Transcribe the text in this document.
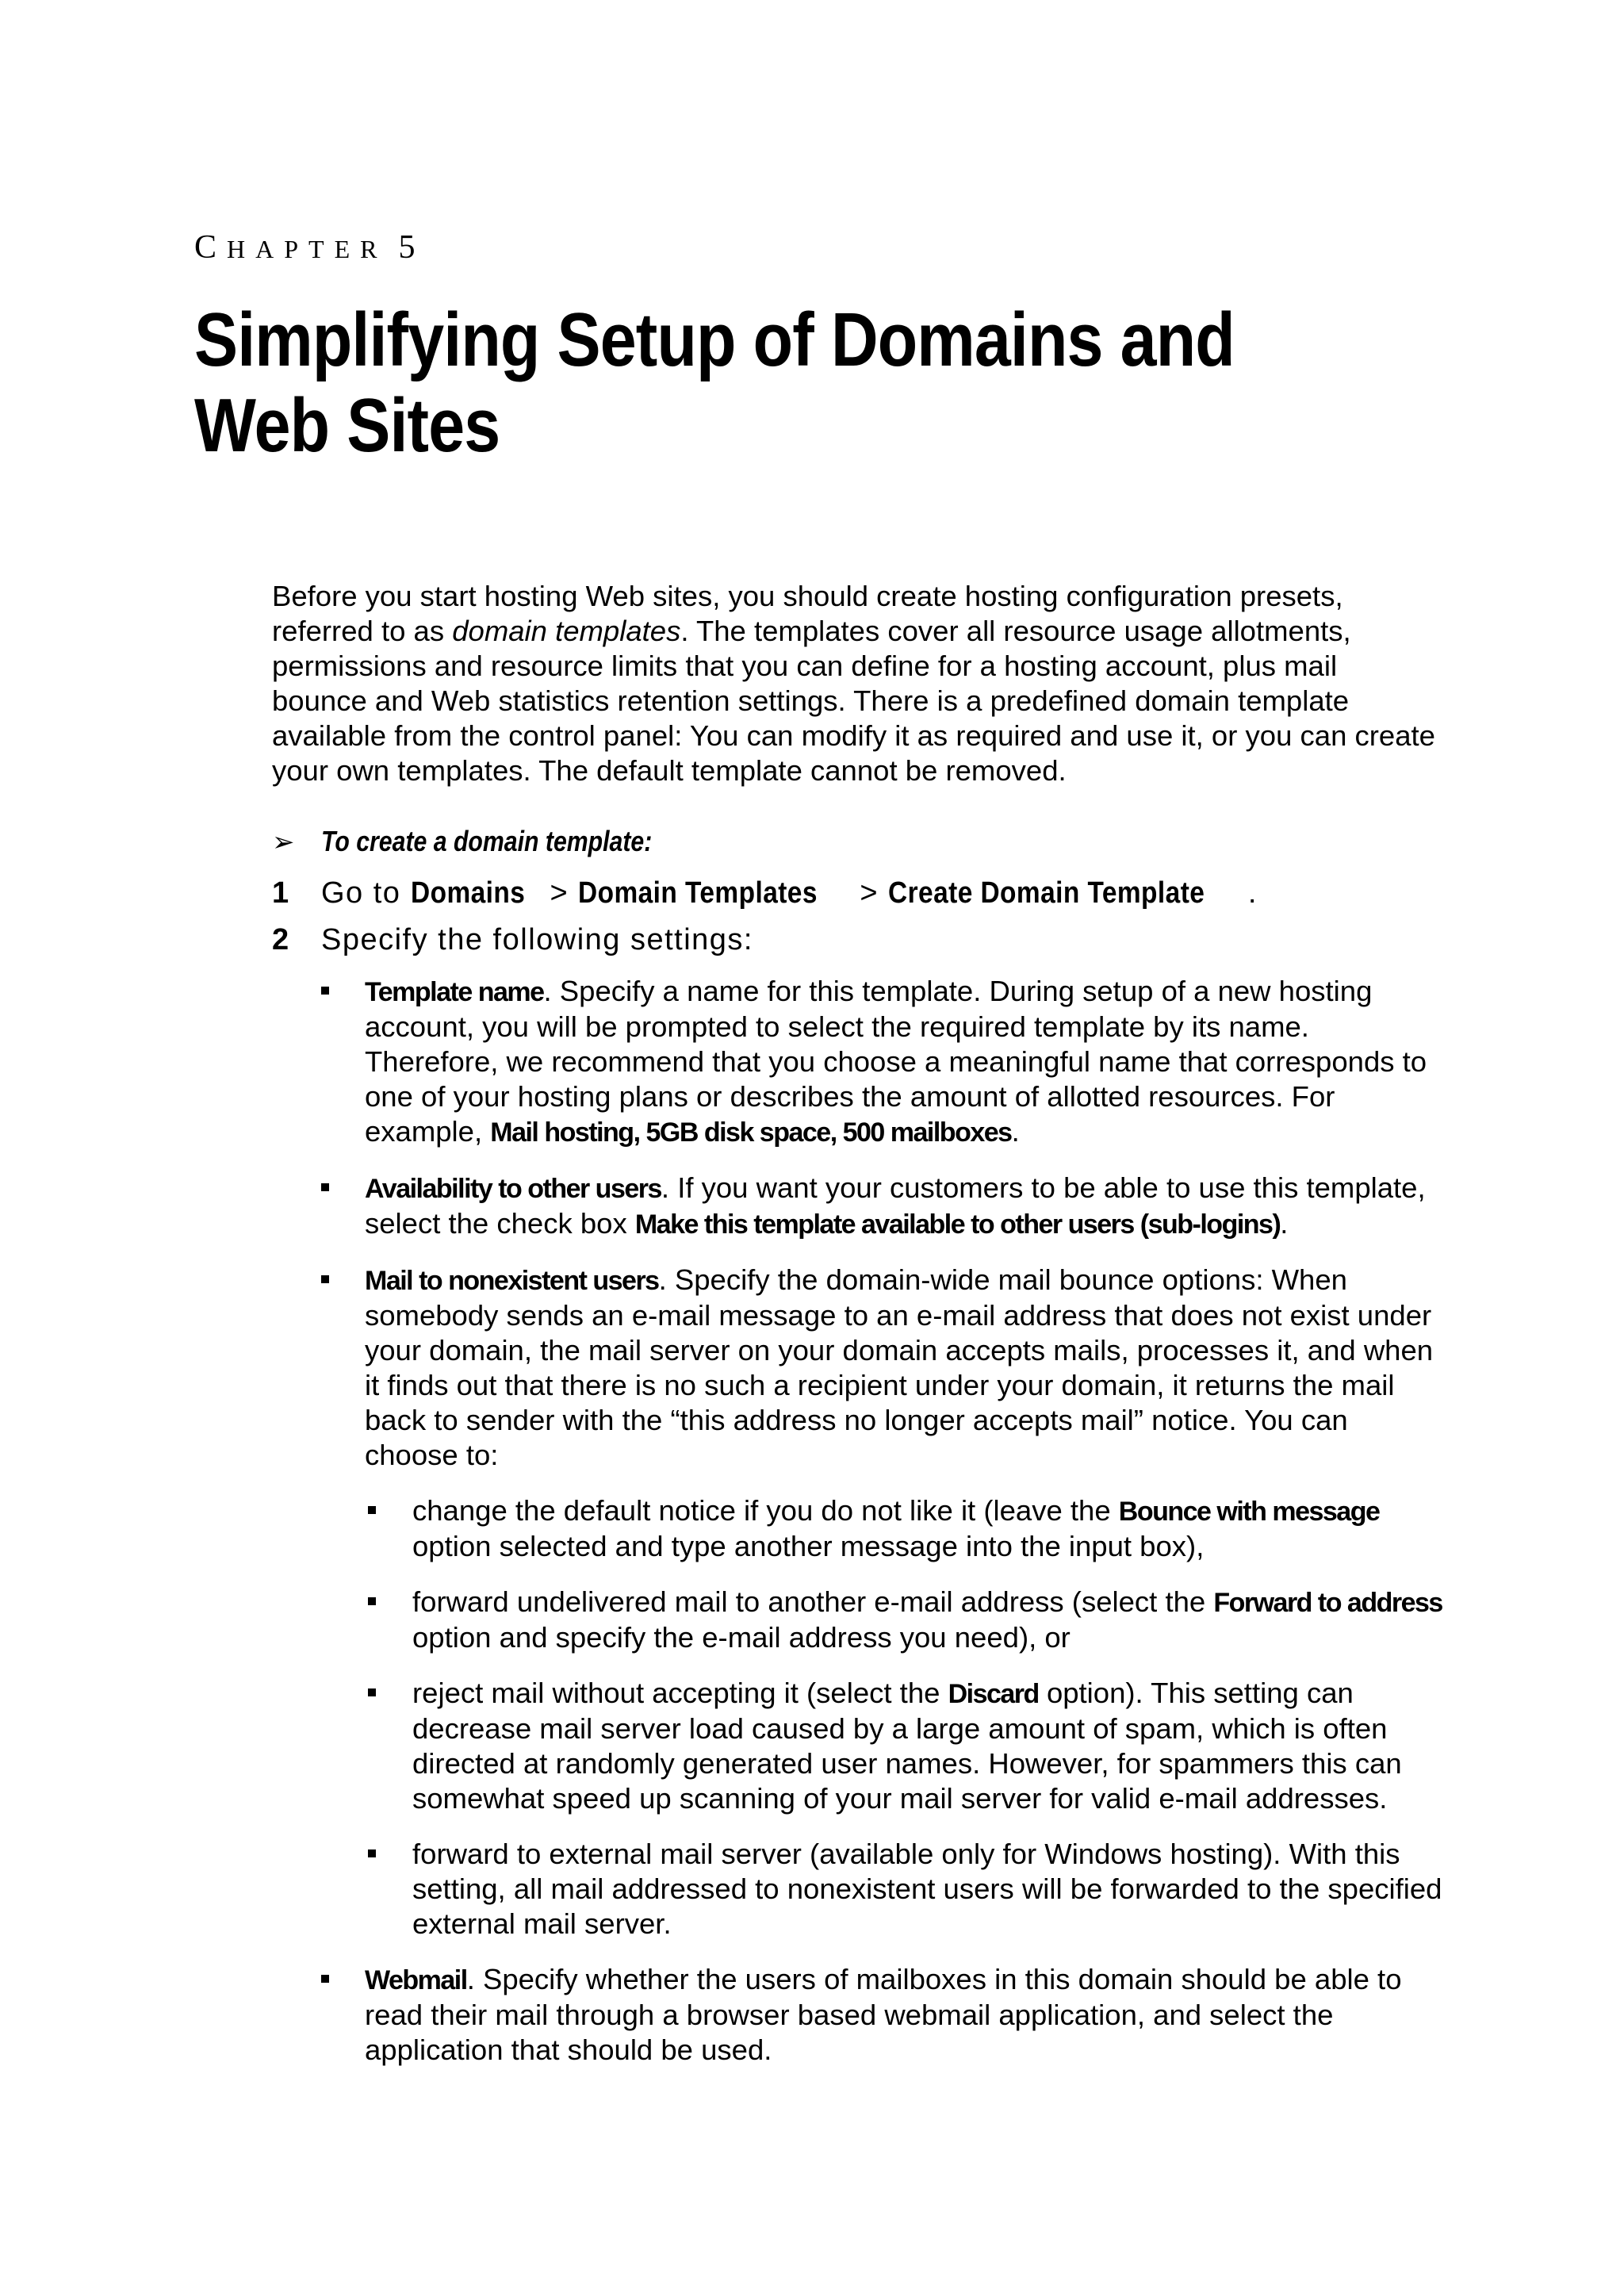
CHAPTER 5
Simplifying Setup of Domains and Web Sites

Before you start hosting Web sites, you should create hosting configuration presets, referred to as domain templates. The templates cover all resource usage allotments, permissions and resource limits that you can define for a hosting account, plus mail bounce and Web statistics retention settings. There is a predefined domain template available from the control panel: You can modify it as required and use it, or you can create your own templates. The default template cannot be removed.

➢ To create a domain template:
1 Go to Domains > Domain Templates > Create Domain Template .
2 Specify the following settings:
Template name. Specify a name for this template. During setup of a new hosting account, you will be prompted to select the required template by its name. Therefore, we recommend that you choose a meaningful name that corresponds to one of your hosting plans or describes the amount of allotted resources. For example, Mail hosting, 5GB disk space, 500 mailboxes.
Availability to other users. If you want your customers to be able to use this template, select the check box Make this template available to other users (sub-logins).
Mail to nonexistent users. Specify the domain-wide mail bounce options: When somebody sends an e-mail message to an e-mail address that does not exist under your domain, the mail server on your domain accepts mails, processes it, and when it finds out that there is no such a recipient under your domain, it returns the mail back to sender with the “this address no longer accepts mail” notice. You can choose to:
change the default notice if you do not like it (leave the Bounce with message option selected and type another message into the input box),
forward undelivered mail to another e-mail address (select the Forward to address option and specify the e-mail address you need), or
reject mail without accepting it (select the Discard option). This setting can decrease mail server load caused by a large amount of spam, which is often directed at randomly generated user names. However, for spammers this can somewhat speed up scanning of your mail server for valid e-mail addresses.
forward to external mail server (available only for Windows hosting). With this setting, all mail addressed to nonexistent users will be forwarded to the specified external mail server.
Webmail. Specify whether the users of mailboxes in this domain should be able to read their mail through a browser based webmail application, and select the application that should be used.
